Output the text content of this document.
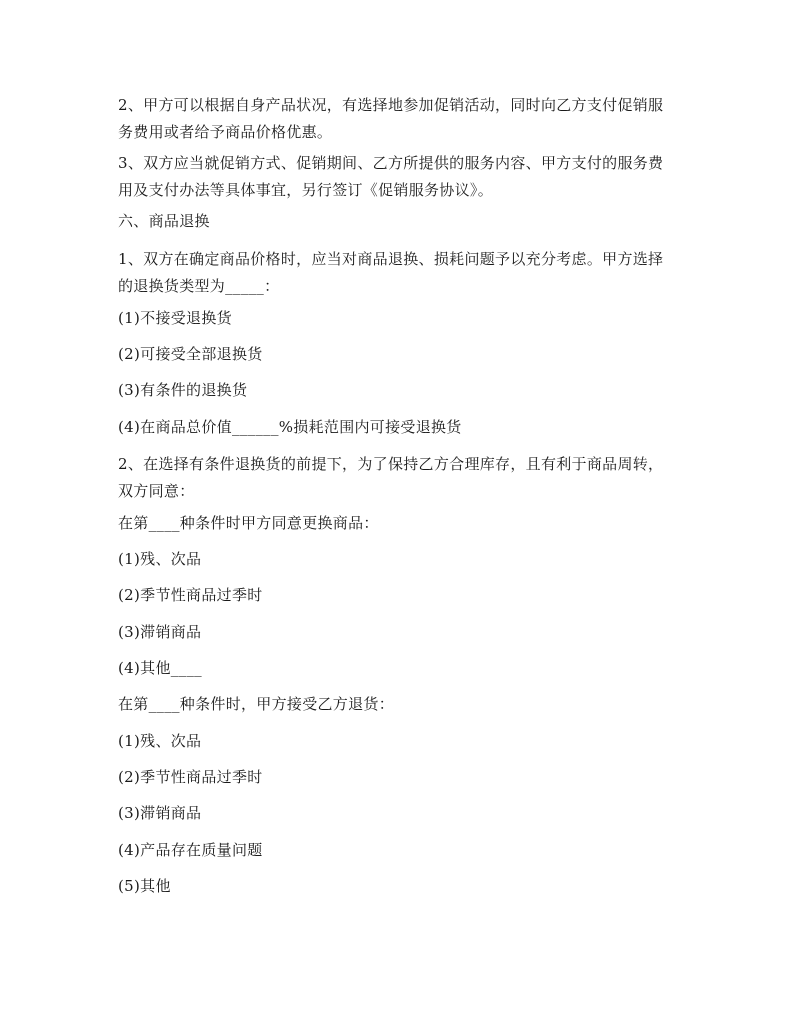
2、甲方可以根据自身产品状况，有选择地参加促销活动，同时向乙方支付促销服
务费用或者给予商品价格优惠。

3、双方应当就促销方式、促销期间、乙方所提供的服务内容、甲方支付的服务费
用及支付办法等具体事宜，另行签订《促销服务协议》。

六、商品退换

1、双方在确定商品价格时，应当对商品退换、损耗问题予以充分考虑。甲方选择
的退换货类型为_____：

(1)不接受退换货

(2)可接受全部退换货

(3)有条件的退换货

(4)在商品总价值______%损耗范围内可接受退换货

2、在选择有条件退换货的前提下，为了保持乙方合理库存，且有利于商品周转，
双方同意：

在第____种条件时甲方同意更换商品：

(1)残、次品

(2)季节性商品过季时

(3)滞销商品

(4)其他____

在第____种条件时，甲方接受乙方退货：

(1)残、次品

(2)季节性商品过季时

(3)滞销商品

(4)产品存在质量问题

(5)其他
